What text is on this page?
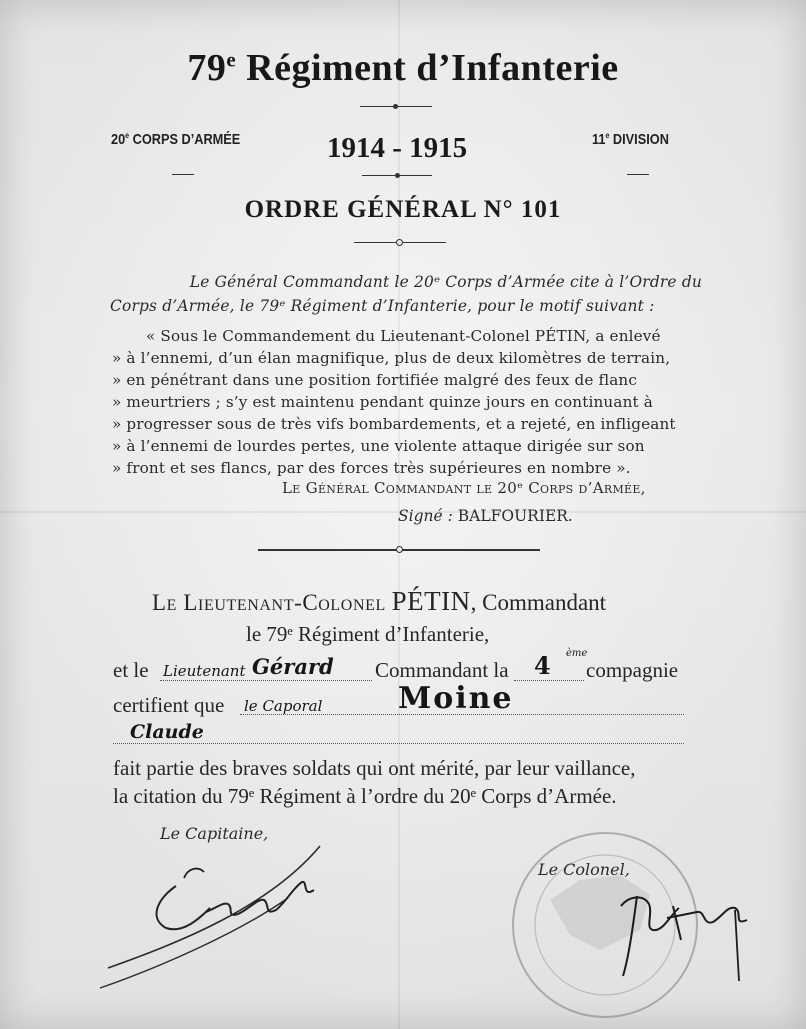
79e Régiment d’Infanterie
20e CORPS D’ARMÉE	1914 - 1915	11e DIVISION
ORDRE GÉNÉRAL N° 101
Le Général Commandant le 20ᵉ Corps d’Armée cite à l’Ordre du
Corps d’Armée, le 79ᵉ Régiment d’Infanterie, pour le motif suivant :
« Sous le Commandement du Lieutenant-Colonel PÉTIN, a enlevé
» à l’ennemi, d’un élan magnifique, plus de deux kilomètres de terrain,
» en pénétrant dans une position fortifiée malgré des feux de flanc
» meurtriers ; s’y est maintenu pendant quinze jours en continuant à
» progresser sous de très vifs bombardements, et a rejeté, en infligeant
» à l’ennemi de lourdes pertes, une violente attaque dirigée sur son
» front et ses flancs, par des forces très supérieures en nombre ».
Le Général Commandant le 20ᵉ Corps d’Armée,
Signé : BALFOURIER.
Le Lieutenant-Colonel PÉTIN, Commandant
le 79ᵉ Régiment d’Infanterie,
et le Lieutenant Gérard Commandant la 4 ème
compagnie
certifient que le Caporal	Moine
Claude
fait partie des braves soldats qui ont mérité, par leur vaillance,
la citation du 79ᵉ Régiment à l’ordre du 20ᵉ Corps d’Armée.
Le Capitaine,
Le Colonel,
